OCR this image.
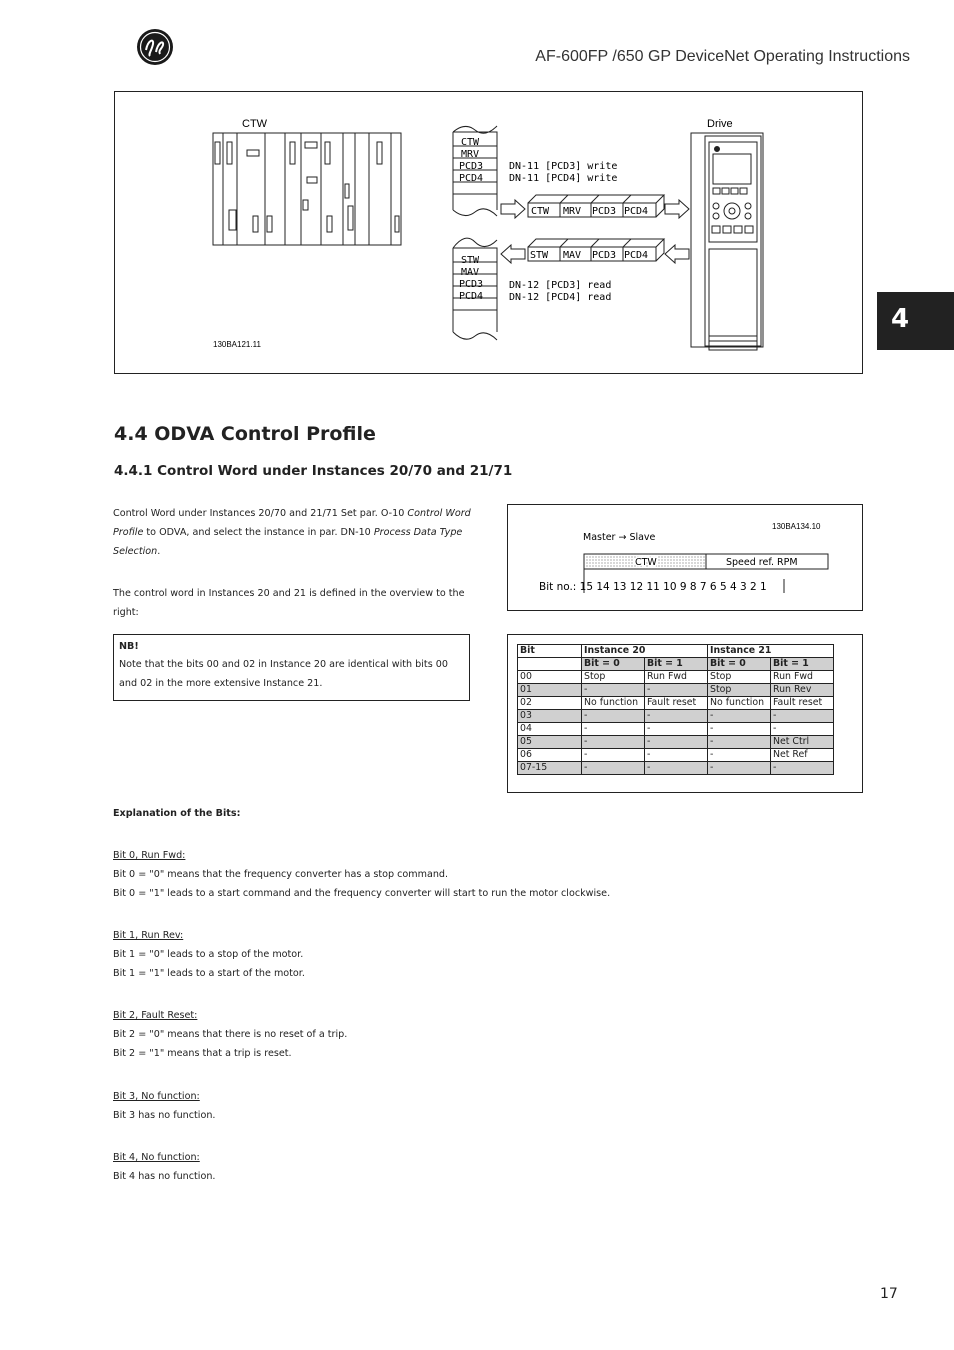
AF-600FP /650 GP DeviceNet Operating Instructions
4
CTW	Drive
CTW
MRV
PCD3
PCD4
STW
MAV
PCD3
PCD4
DN-11 [PCD3] write
DN-11 [PCD4] write
DN-12 [PCD3] read
DN-12 [PCD4] read
CTW MRV PCD3 PCD4
STW MAV PCD3 PCD4
130BA121.11
4.4 ODVA Control Profile
4.4.1 Control Word under Instances 20/70 and 21/71
Control Word under Instances 20/70 and 21/71 Set par. O-10 Control Word Profile to ODVA, and select the instance in par. DN-10 Process Data Type Selection.
The control word in Instances 20 and 21 is defined in the overview to the right:
NB!
Note that the bits 00 and 02 in Instance 20 are identical with bits 00 and 02 in the more extensive Instance 21.
130BA134.10
Master → Slave
CTW	Speed ref. RPM
Bit no.: 15 14 13 12 11 10 9 8 7 6 5 4 3 2 1
Bit	Instance 20		Instance 21	
	Bit = 0	Bit = 1	Bit = 0	Bit = 1
00	Stop	Run Fwd	Stop	Run Fwd
01	-	-	Stop	Run Rev
02	No function	Fault reset	No function	Fault reset
03	-	-	-	-
04	-	-	-	-
05	-	-	-	Net Ctrl
06	-	-	-	Net Ref
07-15	-	-	-	-
Explanation of the Bits:
Bit 0, Run Fwd:
Bit 0 = "0" means that the frequency converter has a stop command.
Bit 0 = "1" leads to a start command and the frequency converter will start to run the motor clockwise.
Bit 1, Run Rev:
Bit 1 = "0" leads to a stop of the motor.
Bit 1 = "1" leads to a start of the motor.
Bit 2, Fault Reset:
Bit 2 = "0" means that there is no reset of a trip.
Bit 2 = "1" means that a trip is reset.
Bit 3, No function:
Bit 3 has no function.
Bit 4, No function:
Bit 4 has no function.
17
